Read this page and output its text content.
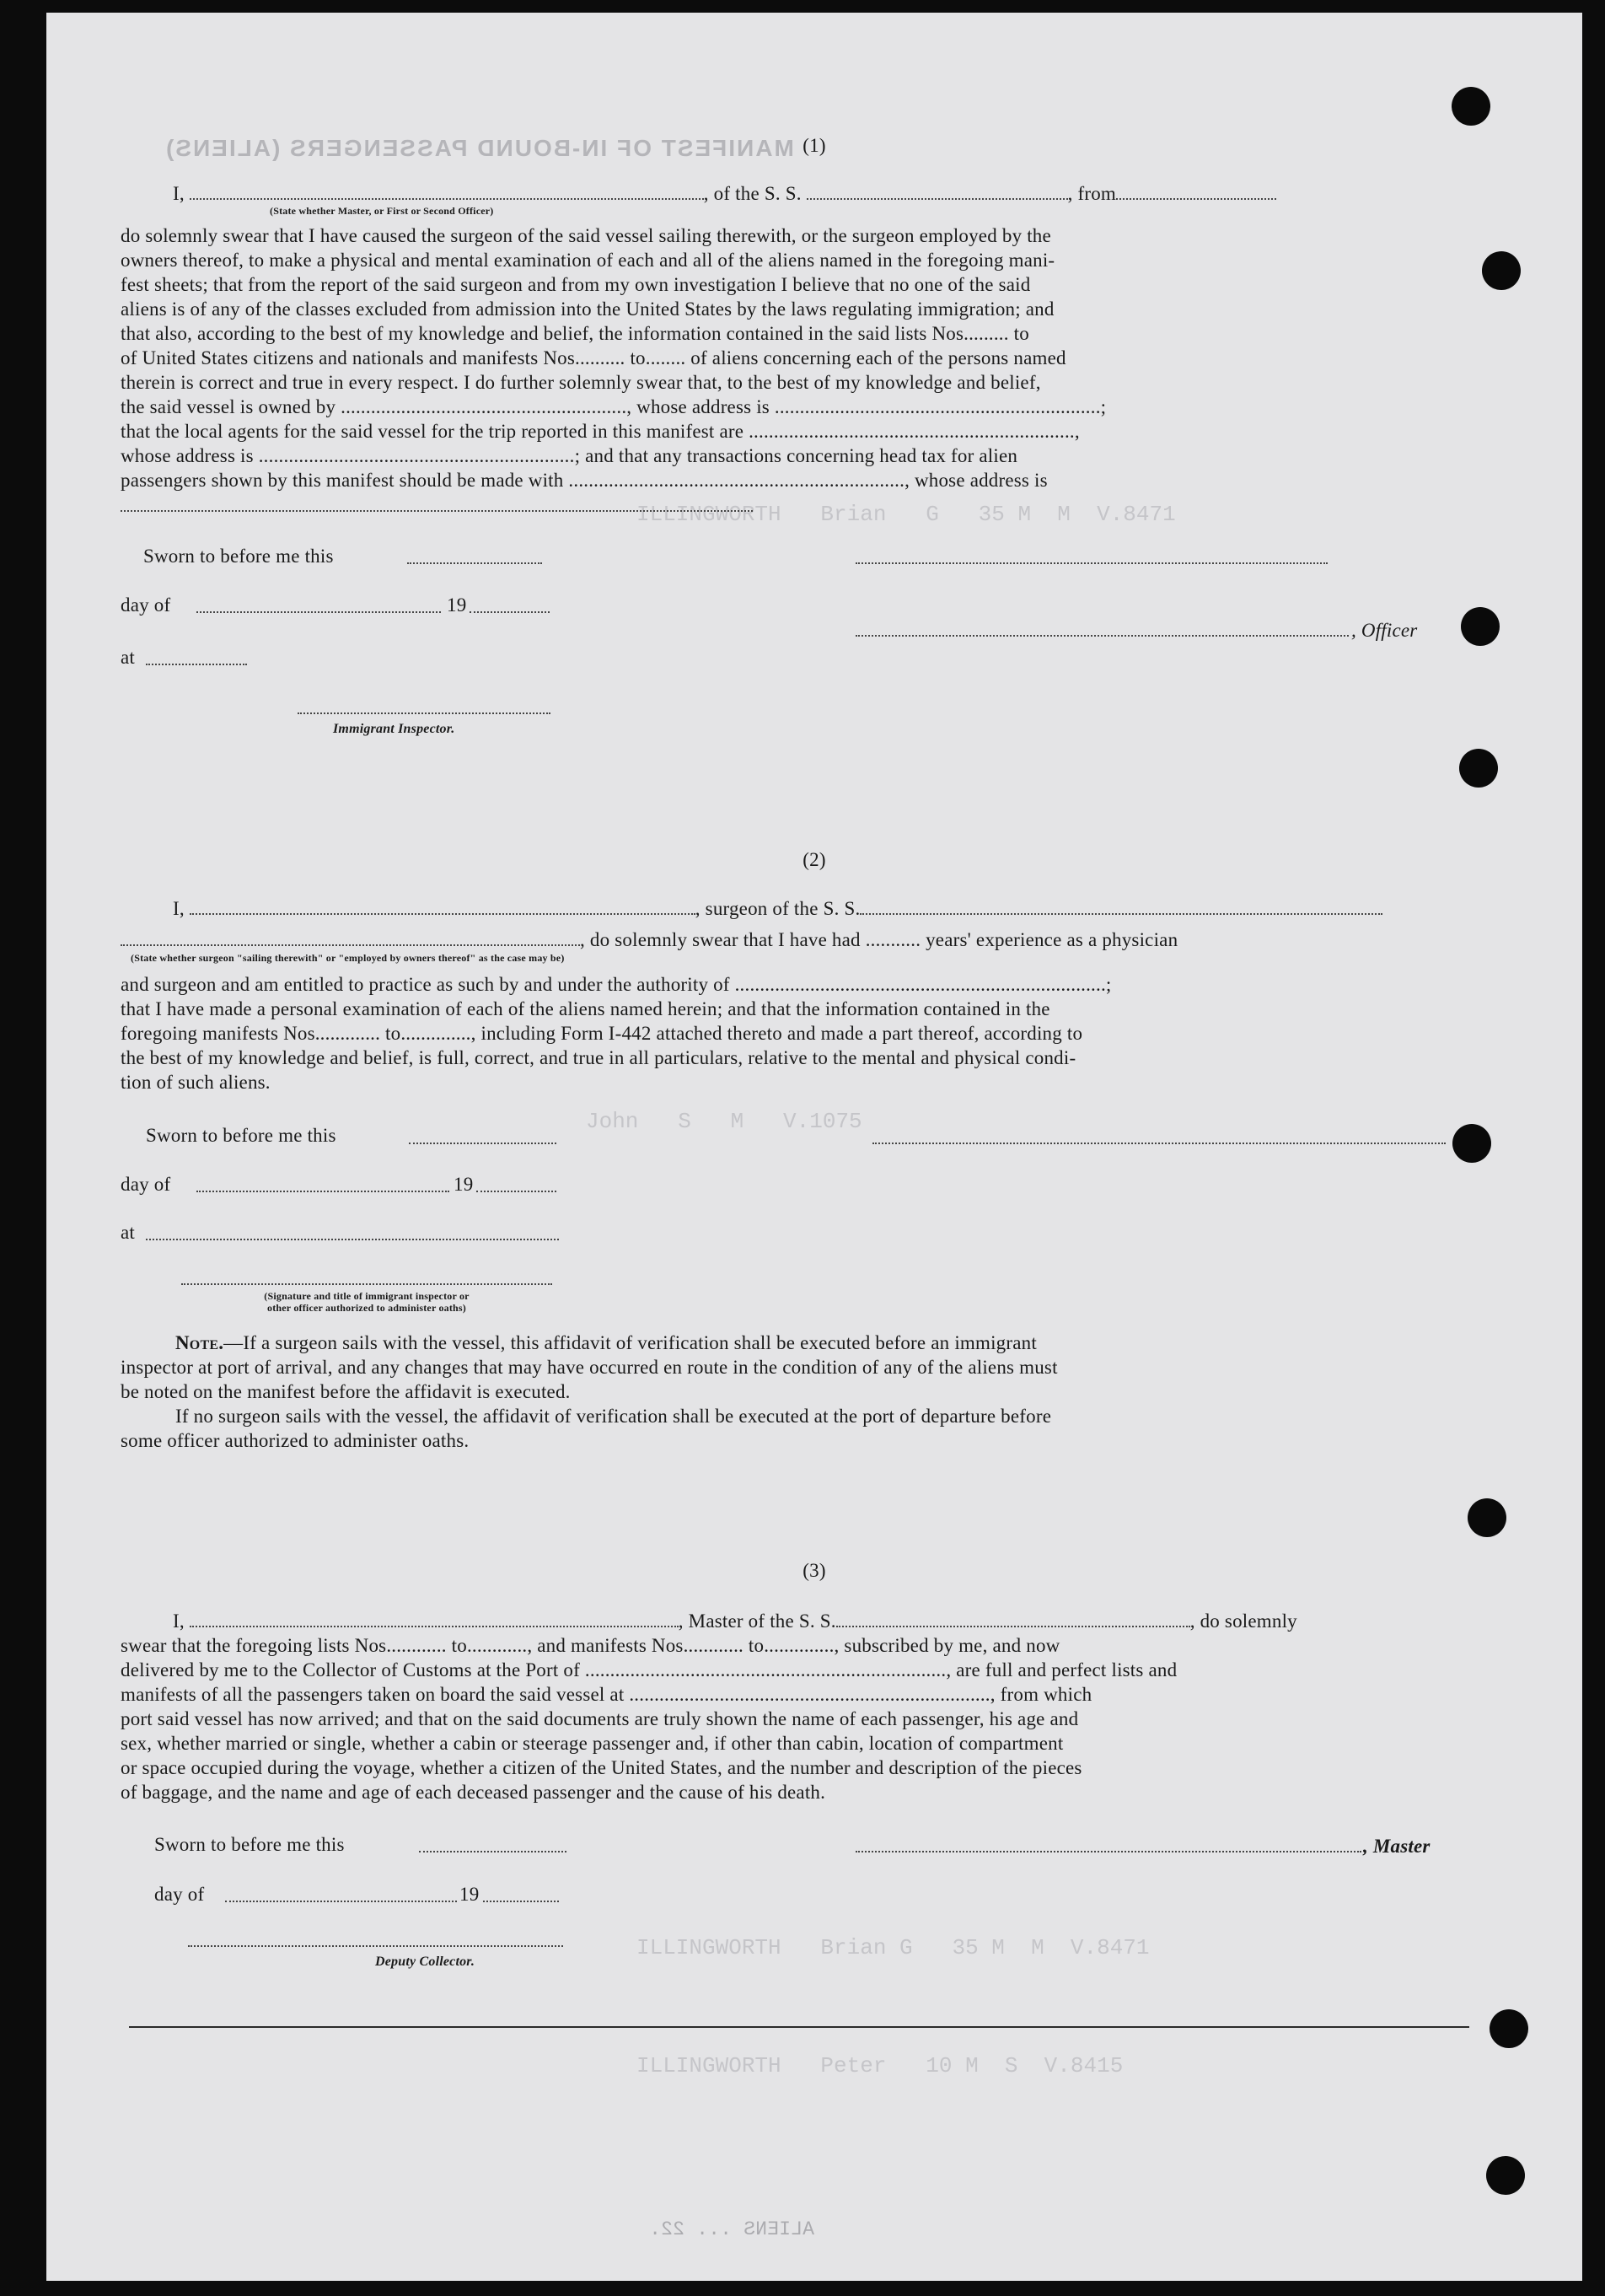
MANIFEST OF IN-BOUND PASSENGERS (ALIENS)
ILLINGWORTH   Brian   G   35 M  M  V.8471
John   S   M   V.1075
ILLINGWORTH   Brian G   35 M  M  V.8471
ILLINGWORTH   Peter   10 M  S  V.8415
(1)
I,	, of the S. S.	, from
(State whether Master, or First or Second Officer)
do solemnly swear that I have caused the surgeon of the said vessel sailing therewith, or the surgeon employed by the
owners thereof, to make a physical and mental examination of each and all of the aliens named in the foregoing mani-
fest sheets; that from the report of the said surgeon and from my own investigation I believe that no one of the said
aliens is of any of the classes excluded from admission into the United States by the laws regulating immigration; and
that also, according to the best of my knowledge and belief, the information contained in the said lists Nos......... to
of United States citizens and nationals and manifests Nos.......... to........ of aliens concerning each of the persons named
therein is correct and true in every respect. I do further solemnly swear that, to the best of my knowledge and belief,
the said vessel is owned by ........................................................., whose address is .................................................................;
that the local agents for the said vessel for the trip reported in this manifest are .................................................................,
whose address is ...............................................................; and that any transactions concerning head tax for alien
passengers shown by this manifest should be made with ..................................................................., whose address is
Sworn to before me this
day of	19
, Officer
at
Immigrant Inspector.
(2)
I,	, surgeon of the S. S.
, do solemnly swear that I have had ........... years' experience as a physician
(State whether surgeon "sailing therewith" or "employed by owners thereof" as the case may be)
and surgeon and am entitled to practice as such by and under the authority of ..........................................................................;
that I have made a personal examination of each of the aliens named herein; and that the information contained in the
foregoing manifests Nos............. to.............., including Form I-442 attached thereto and made a part thereof, according to
the best of my knowledge and belief, is full, correct, and true in all particulars, relative to the mental and physical condi-
tion of such aliens.
Sworn to before me this
day of	19
at
(Signature and title of immigrant inspector or
other officer authorized to administer oaths)
Note.—If a surgeon sails with the vessel, this affidavit of verification shall be executed before an immigrant
inspector at port of arrival, and any changes that may have occurred en route in the condition of any of the aliens must
be noted on the manifest before the affidavit is executed.
If no surgeon sails with the vessel, the affidavit of verification shall be executed at the port of departure before
some officer authorized to administer oaths.
(3)
I,	, Master of the S. S.	, do solemnly
swear that the foregoing lists Nos............ to............, and manifests Nos............ to.............., subscribed by me, and now
delivered by me to the Collector of Customs at the Port of ........................................................................, are full and perfect lists and
manifests of all the passengers taken on board the said vessel at ........................................................................, from which
port said vessel has now arrived; and that on the said documents are truly shown the name of each passenger, his age and
sex, whether married or single, whether a cabin or steerage passenger and, if other than cabin, location of compartment
or space occupied during the voyage, whether a citizen of the United States, and the number and description of the pieces
of baggage, and the name and age of each deceased passenger and the cause of his death.
Sworn to before me this	, Master
day of	19
Deputy Collector.
ALIENS ... 22.
